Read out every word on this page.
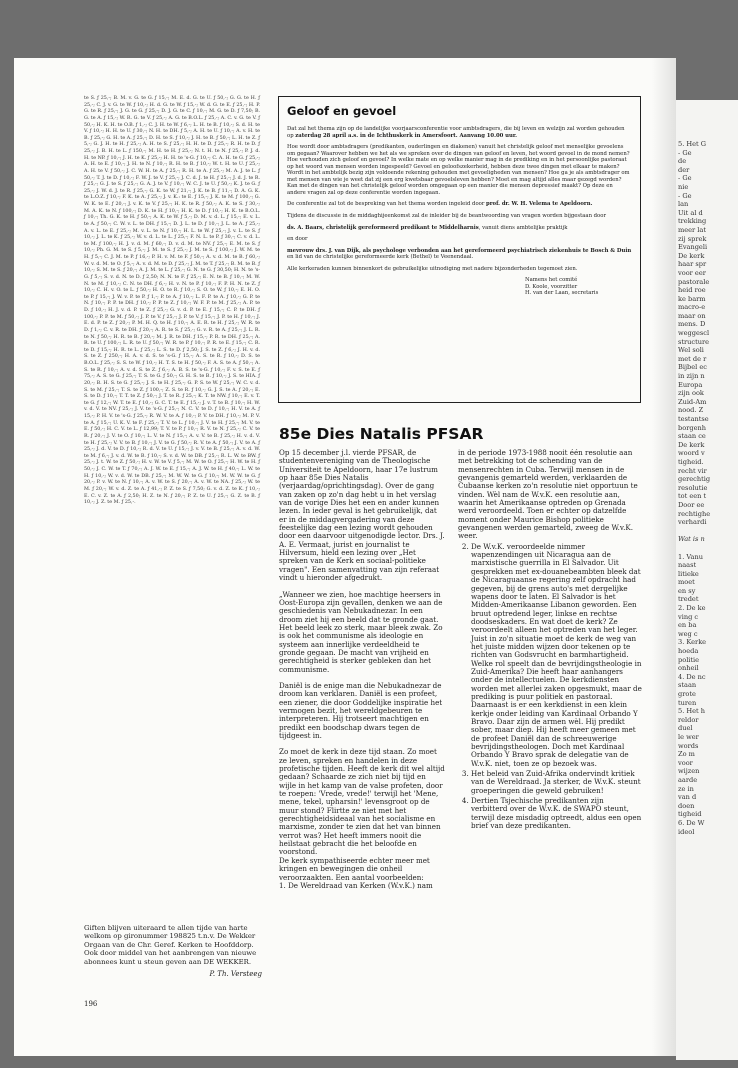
5. Het G
- Ge
de
der
- Ge
nie
- Ge
lan
Uit al d
trekking
meer lat
zij sprek
Evangeli
De kerk
haar spr
voor eer
pastorale
heid roe
ke barm
macro-e
maar on
mens. D
weggescl
structure
Wel soli
met de r
Bijbel ec
in zijn n
Europa
zijn ook
Zuid-Am
nood. Z
testantse
borgenh
staan ce
De kerk
woord v
tigheid.
recht vir
gerechtig
resolutie
tot een t
Door ee
rechtighe
verhardi

Wat is n

1. Vanu
naast
litieke
moet
en sy
tredet
2. De ke
ving c
en ba
weg c
3. Kerke
hoeda
politie
onheil
4. De nc
staan
grote
turen
5. Het h
reldor
duel
le wer
words
Zo m
voor
wijzen
aarde
ze in
van d
doen
tigheid
6. De W
ideol

te S. ƒ 25,-; B. M. v. G. te G. ƒ 15,-; M. E. d. G. te U. ƒ 50,-; G. G. te H. ƒ 25,-; C. J. v. G. te W. ƒ 10,-; H. d. G. te W. ƒ 15,-; W. d. G. te E. ƒ 25,-; H. P. G. te R. ƒ 25,-; J. G. te G. ƒ 25,-; D. J. G. te C. ƒ 10,-; M. G. te D. ƒ 7,50; B. G. te A. ƒ 15,-; W. R. G. te V. ƒ 25,-; A. G. te B.O.L. ƒ 25,-; A. C. v. G. te V. ƒ 50,-; H. K. H. te O.B. ƒ 1,-; C. J. H. te W. ƒ 6,-; L. H. te B. ƒ 10,-; S. d. H. te V. ƒ 10,-; H. H. te U. ƒ 30,-; N. H. te DH. ƒ 5,-; A. H. te U. ƒ 10,-; A. v. H. te B. ƒ 25,-; G. H. te A. ƒ 25,-; D. H. te S. ƒ 10,-; J. H. te B. ƒ 50,-; L. H. te Z. ƒ 5,-; G. J. H. te H. ƒ 25,-; A. H. te S. ƒ 25,-; H. H. te D. ƒ 25,-; R. H. te D. ƒ 25,-; J. B. H. te L. ƒ 150,-; M. H. te H. ƒ 25,-; N. t. H. te N. ƒ 25,-; P. J. d. H. te NP. ƒ 10,-; J. H. te K. ƒ 25,-; H. H. te 's-G. ƒ 10,-; C. A. H. te G. ƒ 25,-; A. H. te E. ƒ 10,-; J. H. te N. ƒ 10,-; R. H. te B. ƒ 10,-; W. t. H. te U. ƒ 25,-; A. H. te V. ƒ 50,-; J. C. W. H. te A. ƒ 25,-; R. H. te A. ƒ 25,-; M. A. J. te L. ƒ 50,-; T. J. te D. ƒ 10,-; F. W. J. te V. ƒ 25,-; J. C. d. J. te H. ƒ 25,-; J. d. J. te R. ƒ 25,-; G. J. te S. ƒ 25,-; G. A. J. te V. ƒ 10,-; W. C. J. te U. ƒ 50,-; K. J. te G. ƒ 25,-; J. W. d. J. te R. ƒ 25,-; G. K. te W. ƒ 21,-; J. K. te B. ƒ 11,-; D. A. G. K. te L.O.Z. ƒ 10,-; F. K. te A. ƒ 25,-; J. v. K.: te E. ƒ 15,-; J. K. te M. ƒ 100,-; G. W. K. te E. ƒ 20,-; J. v. K. te V. ƒ 25,-; H. K. te R. ƒ 50,-; A. K. te S. ƒ 30,-; M. A. K. te N. ƒ 100,-; D. K. te H. ƒ 10,-; H. K. te D. ƒ 10,-; H. K. te B.O.L. ƒ 10,-; Th. G. K. te H. ƒ 50,-; A. K. te W. ƒ 5,-; D. M. v. d. L. ƒ 15,-; E. v. L. te A. ƒ 50,-; C. W. v. L. te DH. ƒ 15,-; D. J. L. te D. ƒ 10,-; J. L. te A. ƒ 25,-; A. v. L. te E. ƒ 25,-; M. v. L. te N. ƒ 10,-; H. L. te W. ƒ 25,-; J. v. L. te S. ƒ 10,-; J. L. te K. ƒ 25,-; W. v. d. L. te L. ƒ 25,-; F. N. L. te P. ƒ 30,-; C. v. d. L. te M. ƒ 100,-; H. J. v. d. M. ƒ 60,-; D. v. d. M. te NV. ƒ 25,-; E. M. te S. ƒ 10,-; Ph. G. M. te S. ƒ 5,-; J. M. te S. ƒ 25,-; J. M. te S. ƒ 100,-; J. W. M. te H. ƒ 5,-; C. J. M. te P. ƒ 16,-; P. H. v. M. te F. ƒ 50,-; A. v. d. M. te B. ƒ 60,-; W. v. d. M. te O. ƒ 5,-; A. v. d. M. te D. ƒ 25,-; J. M. te T. ƒ 25,-; B. M. te B. ƒ 10,-; S. M. te S. ƒ 20,-; A. J. M. te L. ƒ 25,-; G. N. te G. ƒ 30,50; H. N. te 's-G. ƒ 5,-; S. v. d. N. te D. ƒ 2,50; N. N. te F. ƒ 25,-; E. N. te B. ƒ 10,-; M. W. N. te M. ƒ 10,-; C. N. te DH. ƒ 6,-; H. v. N. te P. ƒ 10,-; F. P. H. N. te Z. ƒ 10,-; C. H. v. O. te L. ƒ 50,-; H. O. te R. ƒ 10,-; S. O. te W. ƒ 10,-; E. H. O. te P. ƒ 15,-; J. W. v. P. te P. ƒ 1,-; P. te A. ƒ 10,-; L. F. P. te A. ƒ 10,-; G. P. te N. ƒ 10,-; P. P. te DH. ƒ 10,-; P. P. te Z. ƒ 10,-; W. F. P. te M. ƒ 25,-; A. P. te D. ƒ 10,-; H. J. v. d. P. te Z. ƒ 25,-; G. v. d. P. te E. ƒ 15,-; C. P. te DH. ƒ 100,-; P. P. te M. ƒ 50,-; J. P. te V. ƒ 25,-; J. P. te V. ƒ 15,-; J. P. te H. ƒ 10,-; J. E. d. P. te Z. ƒ 20,-; P. M. H. Q. te H. ƒ 10,-; A. E. R. te H. ƒ 25,-; W. R. te D. ƒ 1,-; C. v. R. te DH. ƒ 20,-; A. R. te S. ƒ 25,-; G. v. R. te A. ƒ 25,-; J. L. R. te N. ƒ 50,-; H. R. te B. ƒ 20,-; M. J. R. te DH. ƒ 15,-; P. R. te DH. ƒ 25,-; A. R. te U. ƒ 100,-; L. R. te U. ƒ 50,-; W. R. te P. ƒ 10,-; P. R. te E. ƒ 15,-; C. R. te D. ƒ 15,-; H. R. te L. ƒ 25,-; L. S. te D. ƒ 2,50; J. S. te Z. ƒ 6,-; J. H. v. d. S. te Z. ƒ 250,-; H. A. v. d. S. te 's-G. ƒ 15,-; A. S. te R. ƒ 10,-; D. S. te B.O.L. ƒ 25,-; S. S. te W. ƒ 10,-; H. T. S. te H. ƒ 50,-; F. A. S. te A. ƒ 50,-; A. S. te R. ƒ 10,-; A. v. d. S. te Z. ƒ 6,-; A. B. S. te 's-G. ƒ 10,-; F. v. S. te E. ƒ 75,-; A. S. te G. ƒ 25,-; T. S. te G. ƒ 50,-; G. H. S. te B. ƒ 10,-; J. S. te HIA. ƒ 20,-; B. H. S. te G. ƒ 25,-; J. S. te H. ƒ 25,-; G. P. S. te W. ƒ 25,-; W. C. v. d. S. te M. ƒ 25,-; T. S. te Z. ƒ 100,-; Z. S. te R. ƒ 10,-; G. J. S. te A. ƒ 20,-; E. S. te D. ƒ 10,-; T. T. te Z. ƒ 50,-; J. T. te R. ƒ 25,-; K. T. te NW. ƒ 10,-; E. v. T. te G. ƒ 12,-; W. T. te E. ƒ 10,-; G. C. T. te E. ƒ 15,-; J. v. T. te B. ƒ 10,-; H. W. v. d. V. te NV. ƒ 25,-; J. V. te 's-G. ƒ 25,-; N. C. V. te D. ƒ 10,-; H. V. te A. ƒ 15,-; P. H. V. te 's-G. ƒ 25,-; R. W. V. te A. ƒ 10,-; P. V. te DH. ƒ 10,-; M. P. V. te A. ƒ 15,-; U. K. V. te F. ƒ 25,-; T. V. te L. ƒ 10,-; J. V. te H. ƒ 25,-; M. V. te E. ƒ 50,-; H. C. V. te L. ƒ 12,99; T. V. te P. ƒ 10,-; R. V. te N. ƒ 25,-; C. V. te R. ƒ 20,-; J. V. te O. ƒ 10,-; L. V. te N. ƒ 15,-; A. v. V. te B. ƒ 25,-; H. v. d. V. te H. ƒ 25,-; V. V. te B. ƒ 10,-; J. V. te G. ƒ 50,-; R. V. te A. ƒ 50,-; J. V. te A. ƒ 25,-; J. d. V. te D. ƒ 10,-; R. d. V. te U. ƒ 15,-; J. v. V. te B. ƒ 25,-; A. v. d. W. te M. ƒ 6,-; J. v. d. W. te B. ƒ 10,-; S. v. d. W. te DB. ƒ 25,-; R. L. W. te BW. ƒ 25,-; J. t. W. te Z. ƒ 50,-; H. v. W. te V. ƒ 5,-; M. W. te O. ƒ 25,-; H. W. te H. ƒ 50,-; J. C. W. te T. ƒ 70,-; A. J. W. te E. ƒ 15,-; A. J. W. te H. ƒ 40,-; L. W. te H. ƒ 10,-; W. v. d. W. te DB. ƒ 25,-; M. W. W. te G. ƒ 10,-; M. W. W. te G. ƒ 20,-; P. v. W. te N. ƒ 10,-; A. v. W. te S. ƒ 20,-; A. v. W. te NA. ƒ 25,-; W. te M. ƒ 20,-; W. v. d. Z. te A. ƒ 41,-; P. Z. te S. ƒ 7,50; G. v. d. Z. te K. ƒ 10,-; E. C. v. Z. te A. ƒ 2,50; H. Z. te N. ƒ 20,-; P. Z. te U. ƒ 25,-; G. Z. te B. ƒ 10,-; J. Z. te M. ƒ 25,-.

Giften blijven uiteraard te allen tijde van harte welkom op gironummer 198825 t.n.v. De Wekker Orgaan van de Chr. Geref. Kerken te Hoofddorp.

Ook door middel van het aanbrengen van nieuwe abonnees kunt u steun geven aan DE WEKKER.

P. Th. Versteeg
196
Geloof en gevoel

Dat zal het thema zijn op de landelijke voorjaarsconferentie voor ambtsdragers, die bij leven en welzijn zal worden gehouden op zaterdag 28 april a.s. in de Ichthuskerk in Amersfoort. Aanvang 10.00 uur.

Hoe wordt door ambtsdragers (predikanten, ouderlingen en diakenen) vanuit het christelijk geloof met menselijke gevoelens om gegaan? Waarover hebben we het als we spreken over de dingen van geloof en leven, het woord gevoel in de mond nemen? Hoe verhouden zich geloof en gevoel? In welke mate en op welke manier mag in de prediking en in het persoonlijke pastoraat op het woord van mensen worden ingespeeld? Gevoel en geloofszekerheid, hebben deze twee dingen met elkaar te maken? Wordt in het ambtelijk bezig zijn voldoende rekening gehouden met gevoeligheden van mensen? Hoe ga je als ambtsdrager om met mensen van wie je weet dat zij een erg kwetsbaar gevoelsleven hebben? Moet en mag altijd alles maar gezegd worden? Kan met de dingen van het christelijk geloof worden omgegaan op een manier die mensen depressief maakt? Op deze en andere vragen zal op deze conferentie worden ingegaan.

De conferentie zal tot de bespreking van het thema worden ingeleid door prof. dr. W. H. Velema te Apeldoorn.

Tijdens de discussie in de middaghijeenkomst zal de inleider bij de beantwoording van vragen worden bijgestaan door

ds. A. Baars, christelijk gereformeerd predikant te Middelharnis, vanuit diens ambtelijke praktijk

en door

mevrouw drs. J. van Dijk, als psychologe verbonden aan het gereformeerd psychiatrisch ziekenhuis te Bosch & Duin en lid van de christelijke gereformeerde kerk (Bethel) te Veenendaal.

Alle kerkeraden kunnen binnenkort de gebruikelijke uitnodiging met nadere bijzonderheden tegemoet zien.

Namens het comité
D. Koole, voorzitter
H. van der Laan, secretaris
85e Dies Natalis PFSAR

Op 15 december j.l. vierde PFSAR, de studentenvereniging van de Theologische Universiteit te Apeldoorn, haar 17e lustrum op haar 85e Dies Natalis (verjaardag/oprichtingsdag). Over de gang van zaken op zo'n dag hebt u in het verslag van de vorige Dies het een en ander kunnen lezen. In ieder geval is het gebruikelijk, dat er in de middagvergadering van deze feestelijke dag een lezing wordt gehouden door een daarvoor uitgenodigde lector. Drs. J. A. E. Vermaat, jurist en journalist te Hilversum, hield een lezing over „Het spreken van de Kerk en sociaal-politieke vragen". Een samenvatting van zijn referaat vindt u hieronder afgedrukt.

„Wanneer we zien, hoe machtige heersers in Oost-Europa zijn gevallen, denken we aan de geschiedenis van Nebukadnezar. In een droom ziet hij een beeld dat te gronde gaat. Het beeld leek zo sterk, maar bleek zwak. Zo is ook het communisme als ideologie en systeem aan innerlijke verdeeldheid te gronde gegaan. De macht van vrijheid en gerechtigheid is sterker gebleken dan het communisme.

Daniël is de enige man die Nebukadnezar de droom kan verklaren. Daniël is een profeet, een ziener, die door Goddelijke inspiratie het vermogen bezit, het wereldgebeuren te interpreteren. Hij trotseert machtigen en predikt een boodschap dwars tegen de tijdgeest in.

Zo moet de kerk in deze tijd staan. Zo moet ze leven, spreken en handelen in deze profetische tijden. Heeft de kerk dit wel altijd gedaan? Schaarde ze zich niet bij tijd en wijle in het kamp van de valse profeten, door te roepen: 'Vrede, vrede!' terwijl het 'Mene, mene, tekel, upharsin!' levensgroot op de muur stond? Flirtte ze niet met het gerechtigheidsideaal van het socialisme en marxisme, zonder te zien dat het van binnen verrot was? Het heeft immers nooit die heilstaat gebracht die het beloofde en voorstond.

De kerk sympathiseerde echter meer met kringen en bewegingen die onheil veroorzaakten. Een aantal voorbeelden:

1. De Wereldraad van Kerken (W.v.K.) nam

in de periode 1973-1988 nooit één resolutie aan met betrekking tot de schending van de mensenrechten in Cuba. Terwijl mensen in de gevangenis gemarteld werden, verklaarden de Cubaanse kerken zo'n resolutie niet opportuun te vinden. Wèl nam de W.v.K. een resolutie aan, waarin het Amerikaanse optreden op Grenada werd veroordeeld. Toen er echter op datzelfde moment onder Maurice Bishop politieke gevangenen werden gemarteld, zweeg de W.v.K. weer.

2. De W.v.K. veroordeelde nimmer wapenzendingen uit Nicaragua aan de marxistische guerrilla in El Salvador. Uit gesprekken met ex-douanebeambten bleek dat de Nicaraguaanse regering zelf opdracht had gegeven, bij de grens auto's met dergelijke wapens door te laten. El Salvador is het Midden-Amerikaanse Libanon geworden. Een bruut optredend leger, linkse en rechtse doodseskaders. En wat doet de kerk? Ze veroordeelt alleen het optreden van het leger. Juist in zo'n situatie moet de kerk de weg van het juiste midden wijzen door tekenen op te richten van Godsvrucht en barmhartigheid. Welke rol speelt dan de bevrijdingstheologie in Zuid-Amerika? Die heeft haar aanhangers onder de intellectuelen. De kerkdiensten worden met allerlei zaken opgesmukt, maar de prediking is puur politiek en pastoraal. Daarnaast is er een kerkdienst in een klein kerkje onder leiding van Kardinaal Orbando Y Bravo. Daar zijn de armen wèl. Hij predikt sober, maar diep. Hij heeft meer gemeen met de profeet Daniël dan de schreeuwerige bevrijdingstheologen. Doch met Kardinaal Orbando Y Bravo sprak de delegatie van de W.v.K. niet, toen ze op bezoek was.
3. Het beleid van Zuid-Afrika ondervindt kritiek van de Wereldraad. Ja sterker, de W.v.K. steunt groeperingen die geweld gebruiken!
4. Dertien Tsjechische predikanten zijn verbitterd over de W.v.K. de SWAPO steunt, terwijl deze misdadig optreedt, aldus een open brief van deze predikanten.
